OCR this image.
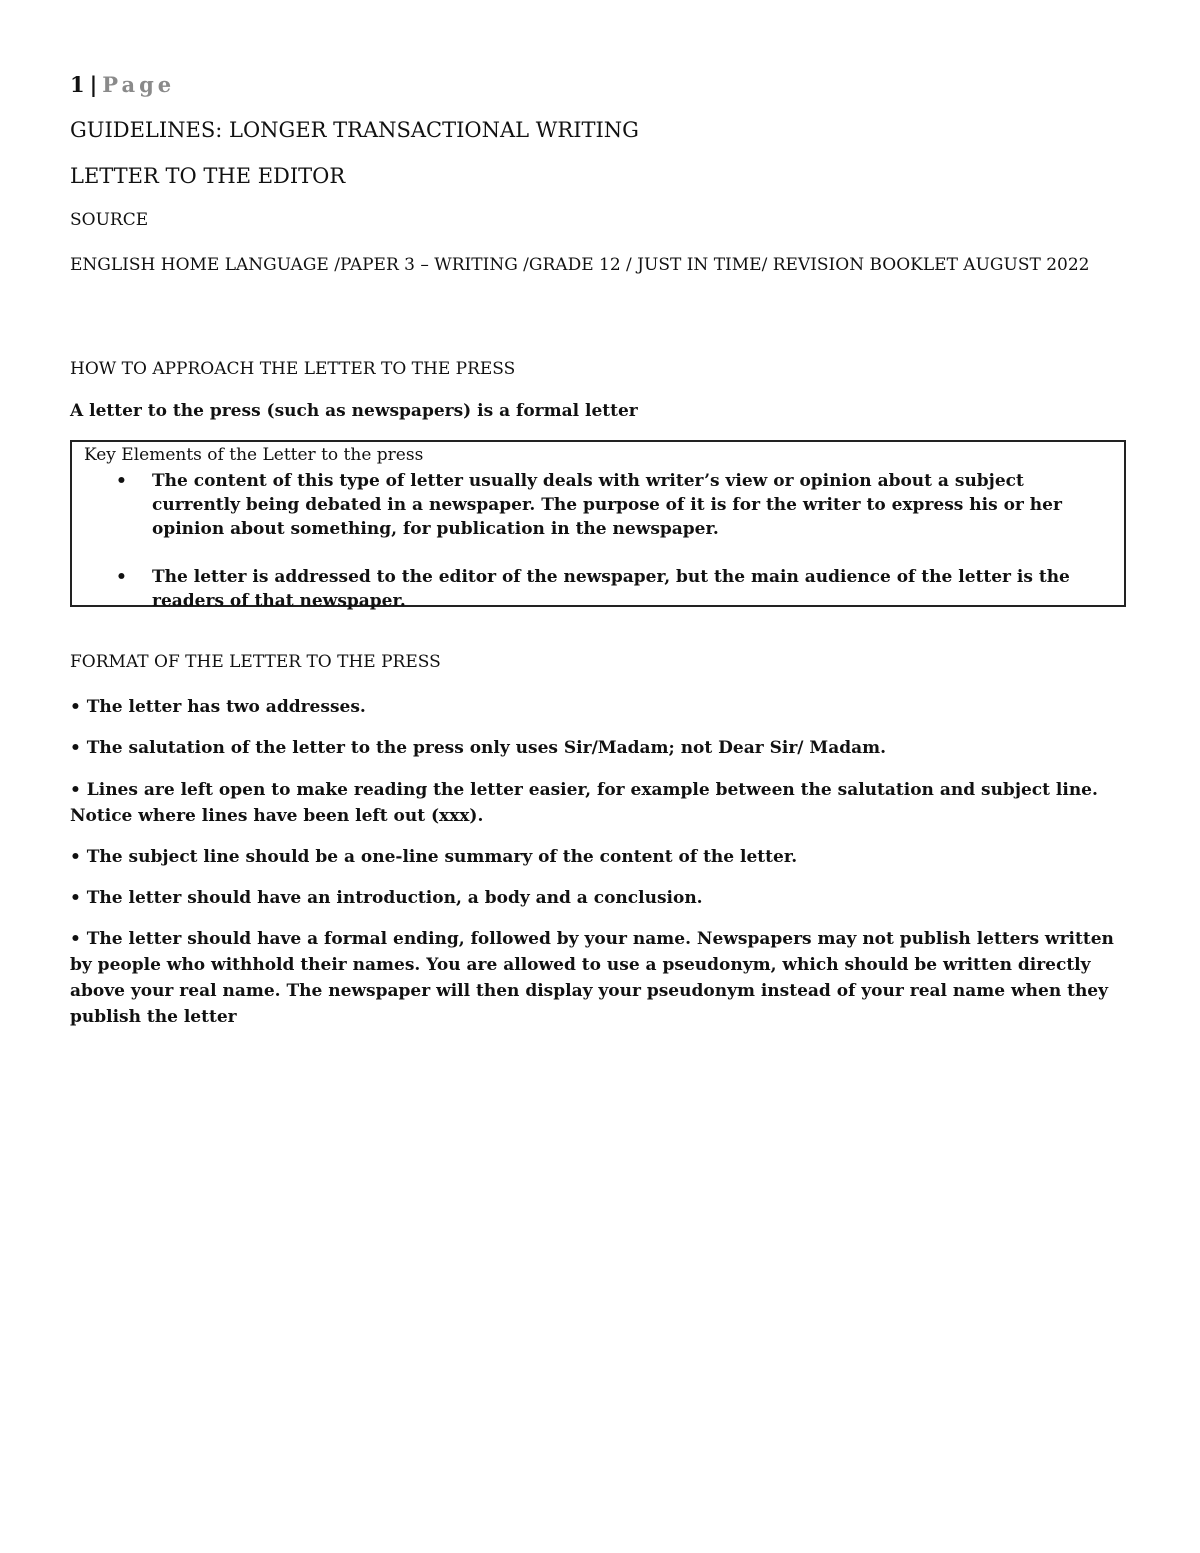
1 | Page
GUIDELINES: LONGER TRANSACTIONAL WRITING
LETTER TO THE EDITOR
SOURCE
ENGLISH HOME LANGUAGE /PAPER 3 – WRITING /GRADE 12 / JUST IN TIME/ REVISION BOOKLET AUGUST 2022
HOW TO APPROACH THE LETTER TO THE PRESS
A letter to the press (such as newspapers) is a formal letter
Key Elements of the Letter to the press
• The content of this type of letter usually deals with writer’s view or opinion about a subject currently being debated in a newspaper. The purpose of it is for the writer to express his or her opinion about something, for publication in the newspaper.
• The letter is addressed to the editor of the newspaper, but the main audience of the letter is the readers of that newspaper.
FORMAT OF THE LETTER TO THE PRESS
• The letter has two addresses.
• The salutation of the letter to the press only uses Sir/Madam; not Dear Sir/ Madam.
• Lines are left open to make reading the letter easier, for example between the salutation and subject line. Notice where lines have been left out (xxx).
• The subject line should be a one-line summary of the content of the letter.
• The letter should have an introduction, a body and a conclusion.
• The letter should have a formal ending, followed by your name. Newspapers may not publish letters written by people who withhold their names. You are allowed to use a pseudonym, which should be written directly above your real name. The newspaper will then display your pseudonym instead of your real name when they publish the letter
